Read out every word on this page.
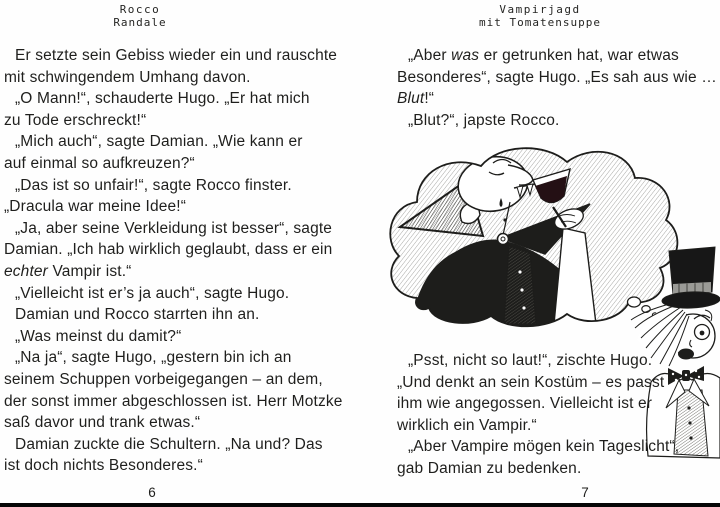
Rocco
Randale
Er setzte sein Gebiss wieder ein und rauschte
mit schwingendem Umhang davon.
„O Mann!“, schauderte Hugo. „Er hat mich
zu Tode erschreckt!“
„Mich auch“, sagte Damian. „Wie kann er
auf einmal so aufkreuzen?“
„Das ist so unfair!“, sagte Rocco finster.
„Dracula war meine Idee!“
„Ja, aber seine Verkleidung ist besser“, sagte
Damian. „Ich hab wirklich geglaubt, dass er ein
echter Vampir ist.“
„Vielleicht ist er’s ja auch“, sagte Hugo.
Damian und Rocco starrten ihn an.
„Was meinst du damit?“
„Na ja“, sagte Hugo, „gestern bin ich an
seinem Schuppen vorbeigegangen – an dem,
der sonst immer abgeschlossen ist. Herr Motzke
saß davor und trank etwas.“
Damian zuckte die Schultern. „Na und? Das
ist doch nichts Besonderes.“
6
Vampirjagd
mit Tomatensuppe
„Aber was er getrunken hat, war etwas
Besonderes“, sagte Hugo. „Es sah aus wie …
Blut!“
„Blut?“, japste Rocco.
„Psst, nicht so laut!“, zischte Hugo.
„Und denkt an sein Kostüm – es passt
ihm wie angegossen. Vielleicht ist er
wirklich ein Vampir.“
„Aber Vampire mögen kein Tageslicht“,
gab Damian zu bedenken.
7
